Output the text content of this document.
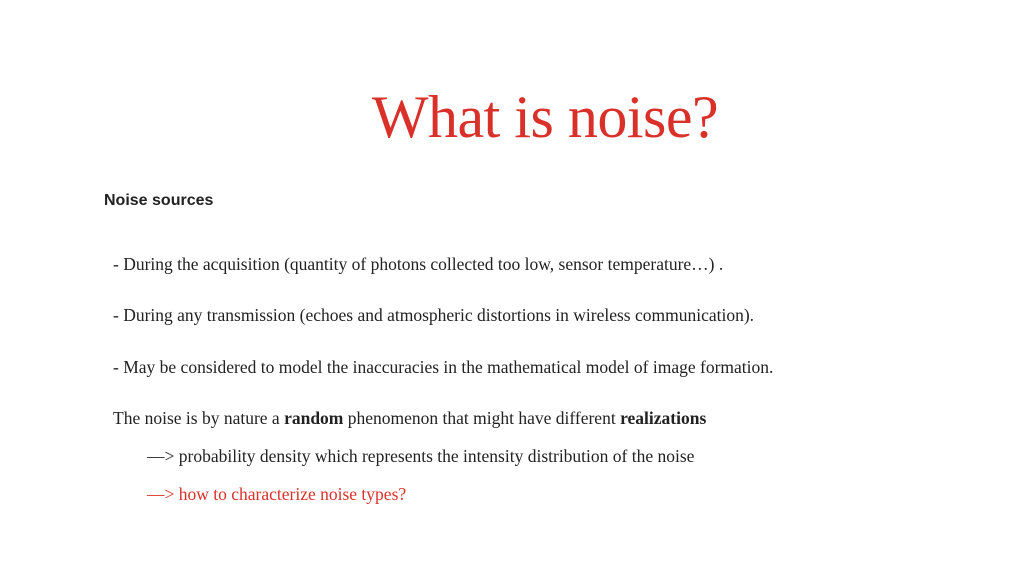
What is noise?
Noise sources
- During the acquisition (quantity of photons collected too low, sensor temperature…) .
- During any transmission (echoes and atmospheric distortions in wireless communication).
- May be considered to model the inaccuracies in the mathematical model of image formation.
The noise is by nature a random phenomenon that might have different realizations
—> probability density which represents the intensity distribution of the noise
—> how to characterize noise types?
